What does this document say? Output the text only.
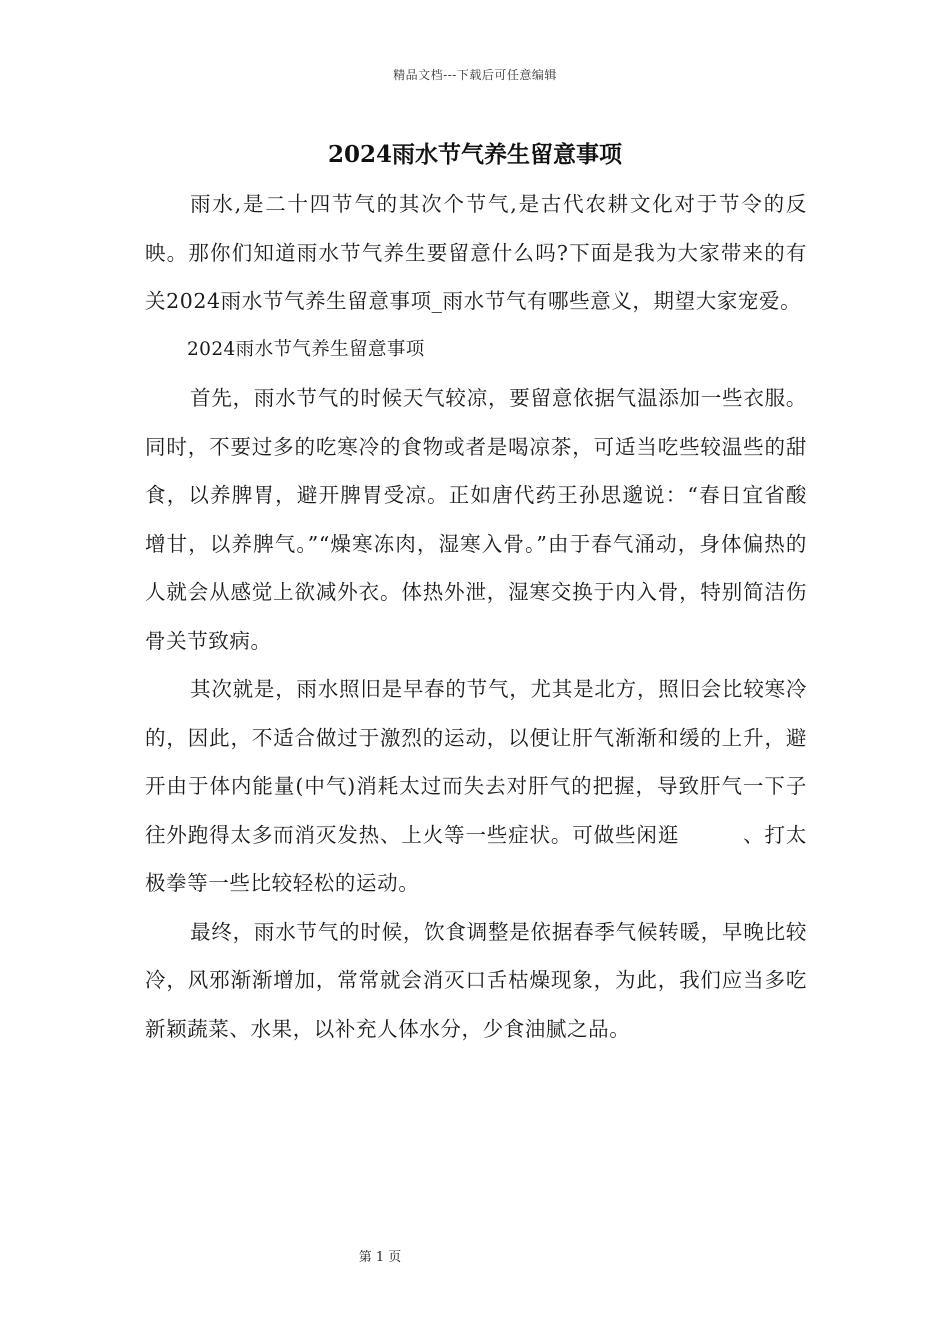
精品文档---下载后可任意编辑
2024雨水节气养生留意事项

雨水,是二十四节气的其次个节气,是古代农耕文化对于节令的反映。那你们知道雨水节气养生要留意什么吗?下面是我为大家带来的有关2024雨水节气养生留意事项_雨水节气有哪些意义，期望大家宠爱。

2024雨水节气养生留意事项

首先，雨水节气的时候天气较凉，要留意依据气温添加一些衣服。同时，不要过多的吃寒冷的食物或者是喝凉茶，可适当吃些较温些的甜食，以养脾胃，避开脾胃受凉。正如唐代药王孙思邈说：“春日宜省酸增甘，以养脾气。”“燥寒冻肉，湿寒入骨。”由于春气涌动，身体偏热的人就会从感觉上欲减外衣。体热外泄，湿寒交换于内入骨，特别简洁伤骨关节致病。

其次就是，雨水照旧是早春的节气，尤其是北方，照旧会比较寒冷的，因此，不适合做过于激烈的运动，以便让肝气渐渐和缓的上升，避开由于体内能量(中气)消耗太过而失去对肝气的把握，导致肝气一下子往外跑得太多而消灭发热、上火等一些症状。可做些闲逛　　　、打太极拳等一些比较轻松的运动。

最终，雨水节气的时候，饮食调整是依据春季气候转暖，早晚比较冷，风邪渐渐增加，常常就会消灭口舌枯燥现象，为此，我们应当多吃新颖蔬菜、水果，以补充人体水分，少食油腻之品。

第 1 页
